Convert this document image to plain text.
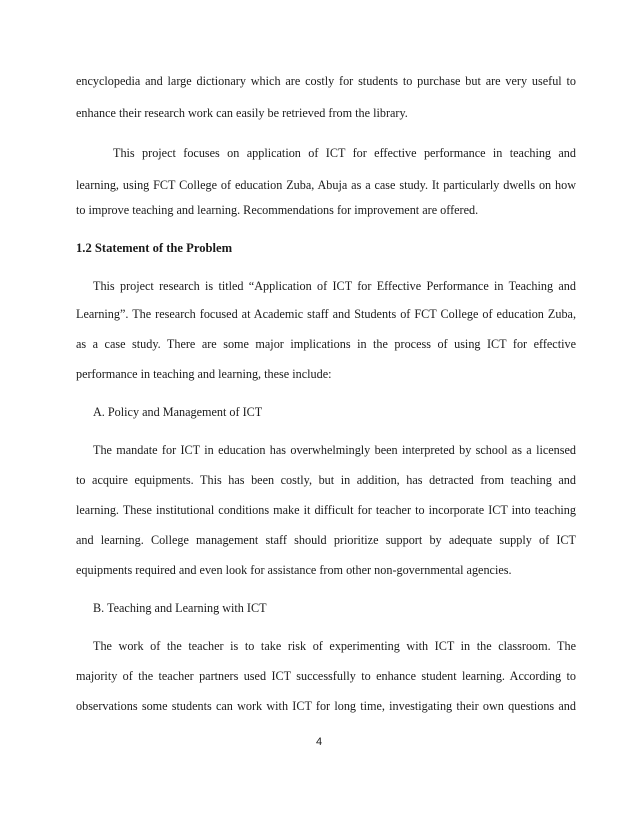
encyclopedia and large dictionary which are costly for students to purchase but are very useful to
enhance their research work can easily be retrieved from the library.
This project focuses on application of ICT for effective performance in teaching and
learning, using FCT College of education Zuba, Abuja as a case study. It particularly dwells on how
to improve teaching and learning. Recommendations for improvement are offered.
1.2 Statement of the Problem
This project research is titled “Application of ICT for Effective Performance in Teaching and
Learning”. The research focused at Academic staff and Students of FCT College of education Zuba,
as a case study. There are some major implications in the process of using ICT for effective
performance in teaching and learning, these include:
A. Policy and Management of ICT
The mandate for ICT in education has overwhelmingly been interpreted by school as a licensed
to acquire equipments. This has been costly, but in addition, has detracted from teaching and
learning. These institutional conditions make it difficult for teacher to incorporate ICT into teaching
and learning. College management staff should prioritize support by adequate supply of ICT
equipments required and even look for assistance from other non-governmental agencies.
B. Teaching and Learning with ICT
The work of the teacher is to take risk of experimenting with ICT in the classroom. The
majority of the teacher partners used ICT successfully to enhance student learning. According to
observations some students can work with ICT for long time, investigating their own questions and
4
